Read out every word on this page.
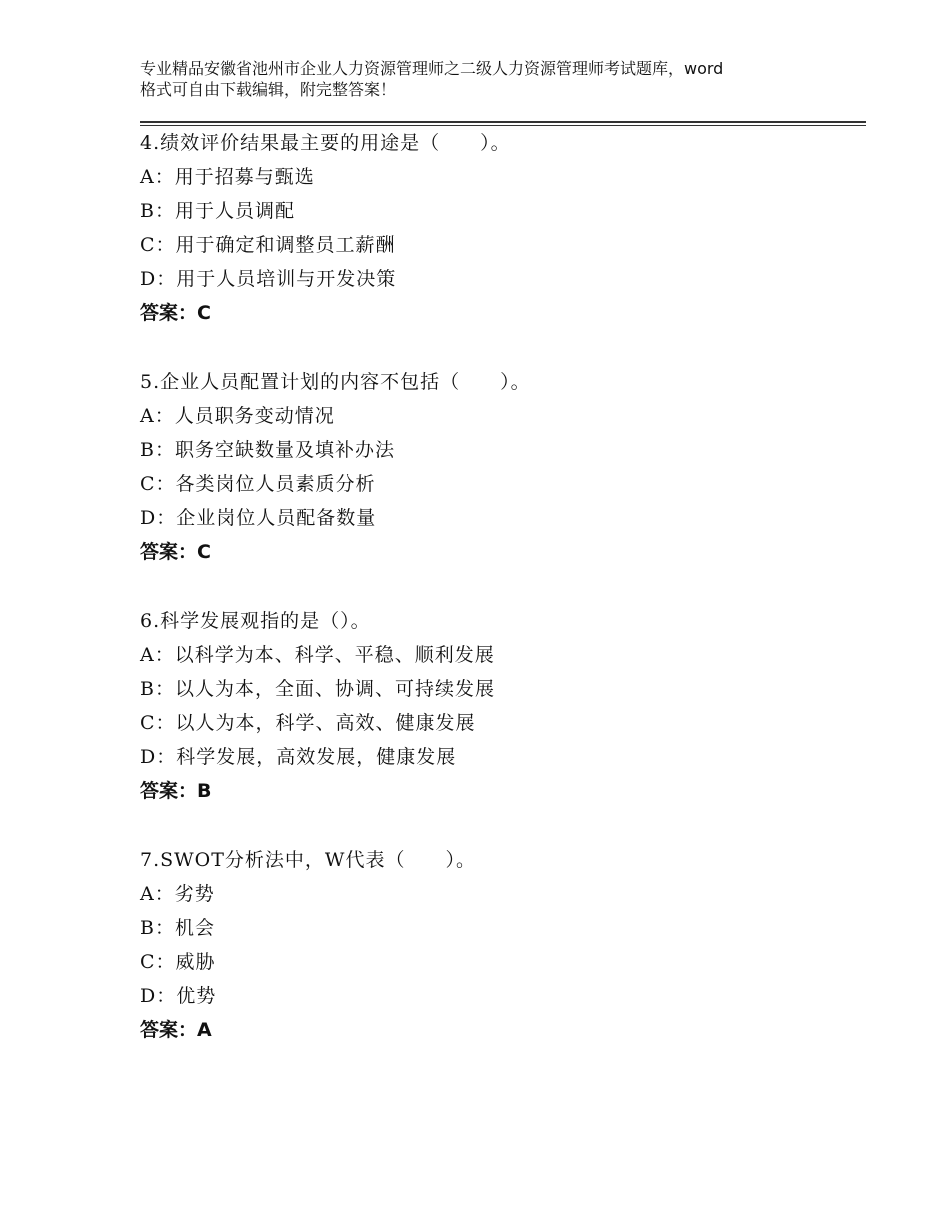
专业精品安徽省池州市企业人力资源管理师之二级人力资源管理师考试题库，word
格式可自由下载编辑，附完整答案！
4.绩效评价结果最主要的用途是（　　）。
A：用于招募与甄选
B：用于人员调配
C：用于确定和调整员工薪酬
D：用于人员培训与开发决策
答案：C
5.企业人员配置计划的内容不包括（　　）。
A：人员职务变动情况
B：职务空缺数量及填补办法
C：各类岗位人员素质分析
D：企业岗位人员配备数量
答案：C
6.科学发展观指的是（）。
A：以科学为本、科学、平稳、顺利发展
B：以人为本，全面、协调、可持续发展
C：以人为本，科学、高效、健康发展
D：科学发展，高效发展，健康发展
答案：B
7.SWOT分析法中，W代表（　　）。
A：劣势
B：机会
C：威胁
D：优势
答案：A
